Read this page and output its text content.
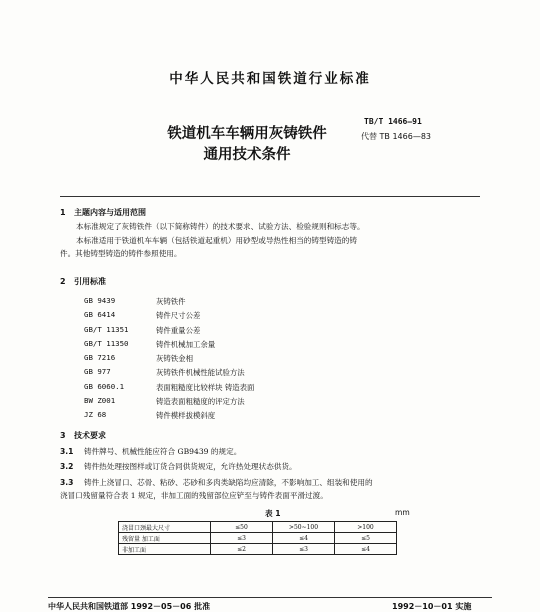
中华人民共和国铁道行业标准
TB/T 1466—91
代替 TB 1466—83
铁道机车车辆用灰铸铁件
通用技术条件
1 主题内容与适用范围
本标准规定了灰铸铁件（以下简称铸件）的技术要求、试验方法、检验规则和标志等。
本标准适用于铁道机车车辆（包括铁道起重机）用砂型或导热性相当的铸型铸造的铸
件。其他铸型铸造的铸件参照使用。
2 引用标准
GB 9439	灰铸铁件
GB 6414	铸件尺寸公差
GB/T 11351	铸件重量公差
GB/T 11350	铸件机械加工余量
GB 7216	灰铸铁金相
GB 977	灰铸铁件机械性能试验方法
GB 6060.1	表面粗糙度比较样块 铸造表面
BW Z001	铸造表面粗糙度的评定方法
JZ 68	铸件模样拔模斜度
3 技术要求
3.1 铸件牌号、机械性能应符合 GB9439 的规定。
3.2 铸件热处理按图样或订货合同供货规定，允许热处理状态供货。
3.3 铸件上浇冒口、芯骨、粘砂、芯砂和多肉类缺陷均应清除，不影响加工、组装和使用的
浇冒口残留量符合表 1 规定，非加工面的残留部位应铲至与铸件表面平滑过渡。
表 1	mm
浇冒口颈最大尺寸	≤50	>50~100	>100
残留量 加工面	≤3	≤4	≤5
非加工面	≤2	≤3	≤4
中华人民共和国铁道部 1992－05－06 批准	1992－10－01 实施
